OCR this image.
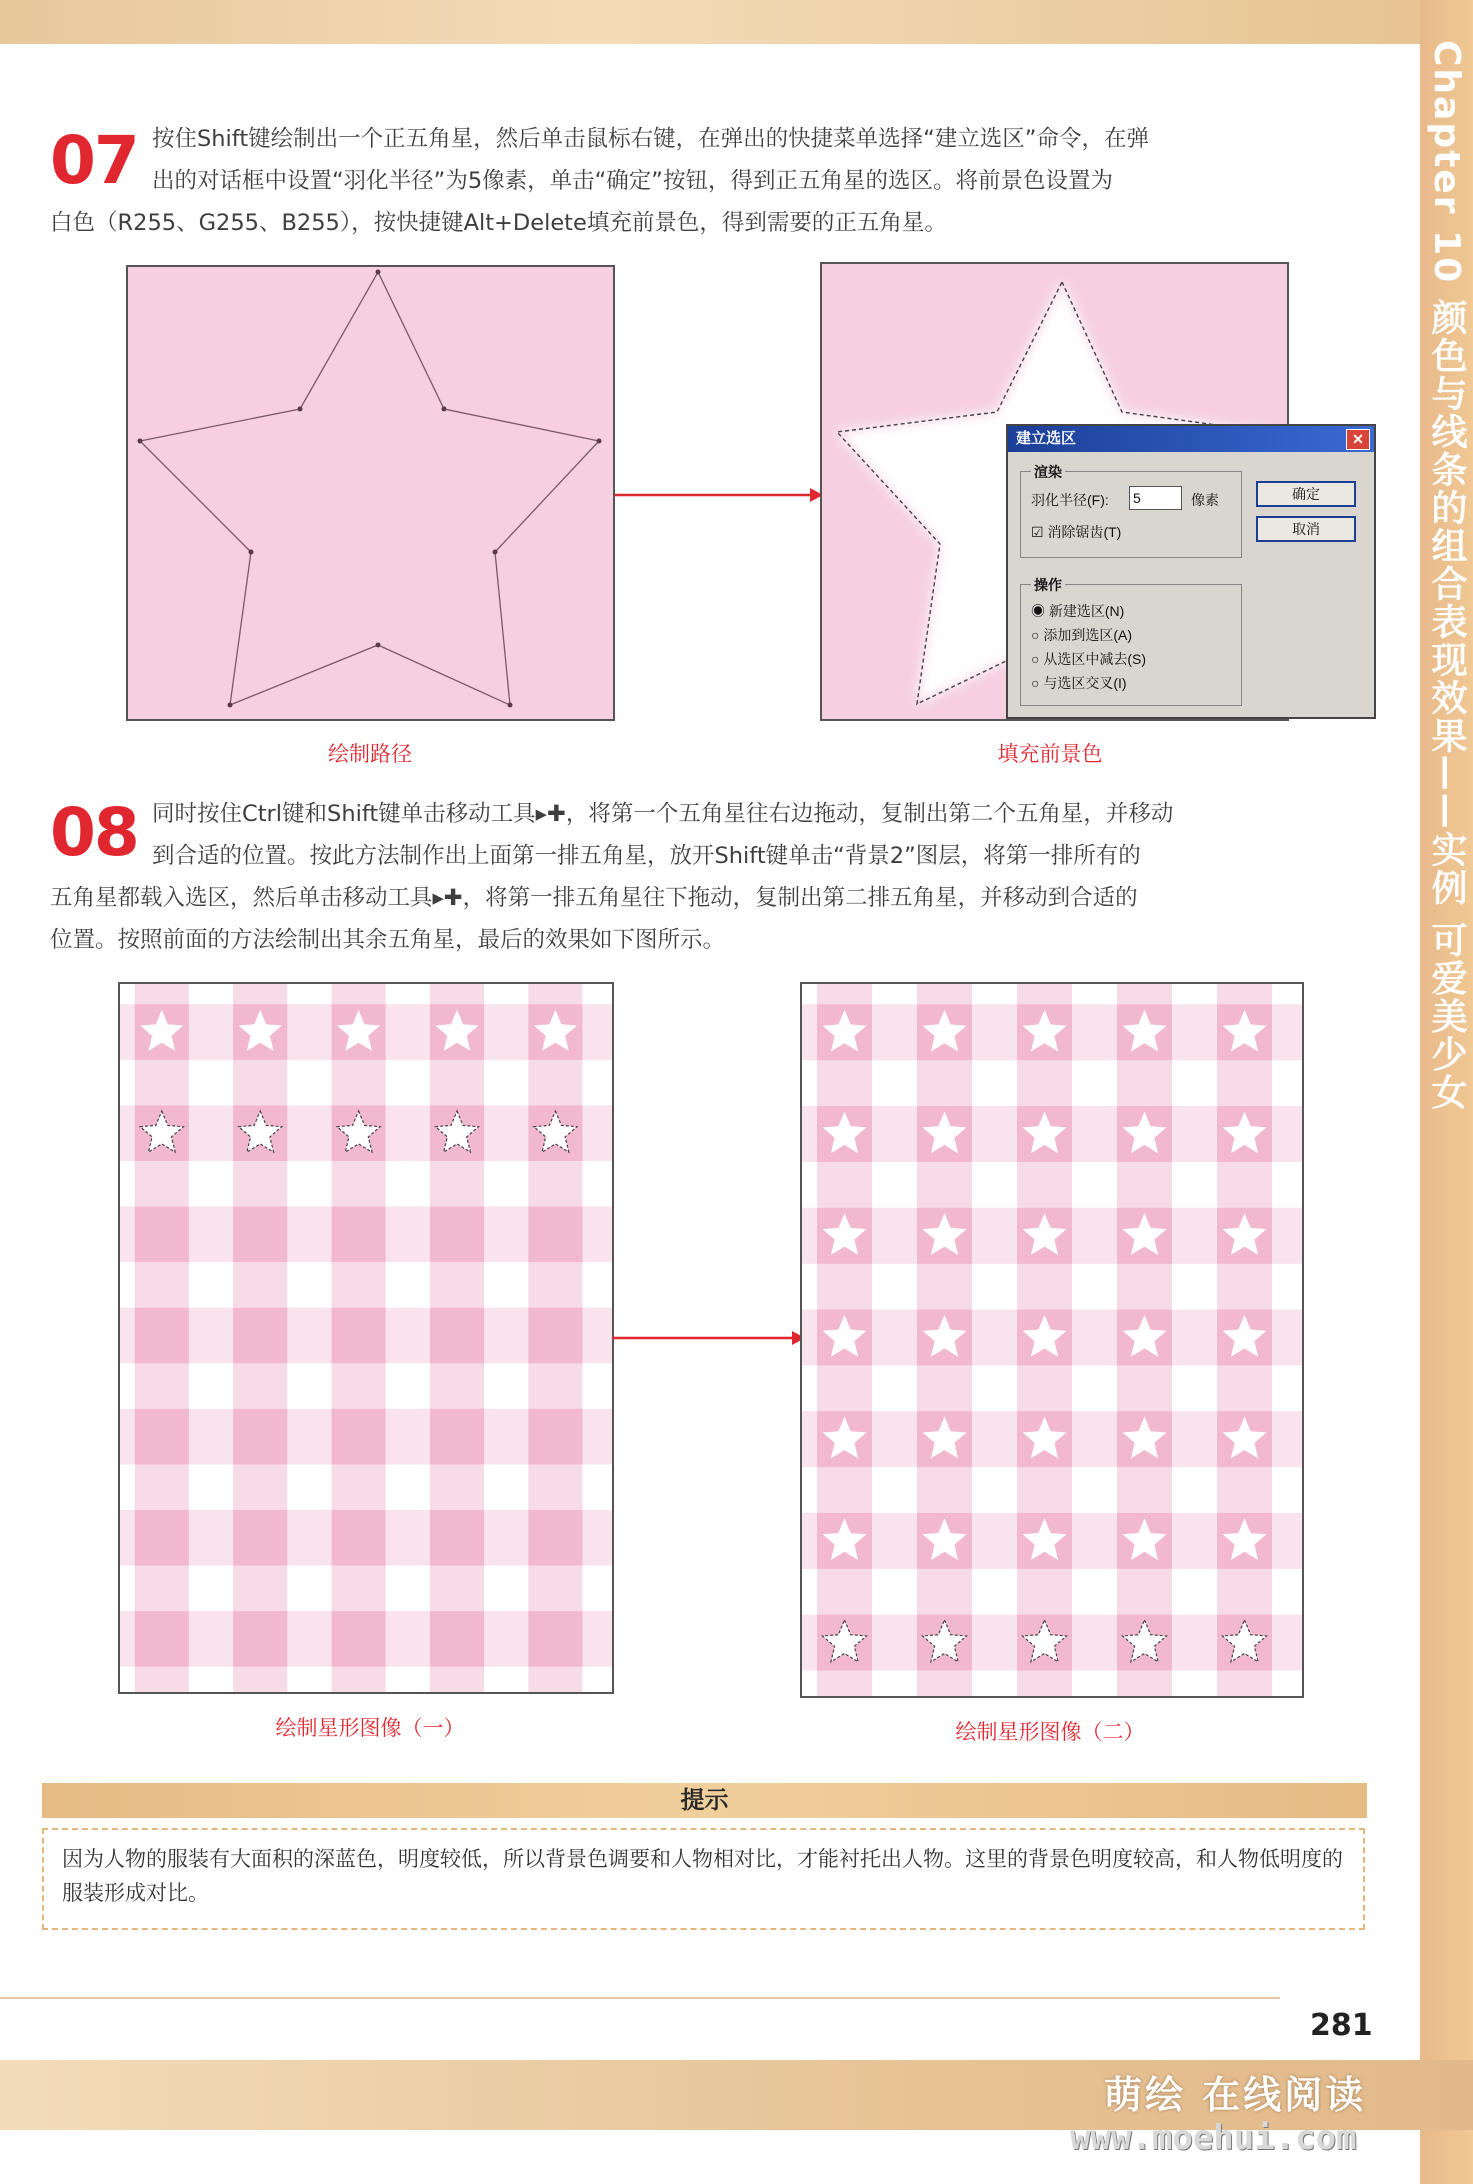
Chapter 10 颜色与线条的组合表现效果——实例 可爱美少女
07 按住Shift键绘制出一个正五角星，然后单击鼠标右键，在弹出的快捷菜单选择“建立选区”命令，在弹
出的对话框中设置“羽化半径”为5像素，单击“确定”按钮，得到正五角星的选区。将前景色设置为
白色（R255、G255、B255），按快捷键Alt+Delete填充前景色，得到需要的正五角星。
建立选区	✕
渲染
羽化半径(F): 5	像素
☑ 消除锯齿(T)
确定
取消
操作
◉ 新建选区(N)
○ 添加到选区(A)
○ 从选区中减去(S)
○ 与选区交叉(I)
绘制路径	填充前景色
08 同时按住Ctrl键和Shift键单击移动工具▸✚，将第一个五角星往右边拖动，复制出第二个五角星，并移动
到合适的位置。按此方法制作出上面第一排五角星，放开Shift键单击“背景2”图层，将第一排所有的
五角星都载入选区，然后单击移动工具▸✚，将第一排五角星往下拖动，复制出第二排五角星，并移动到合适的
位置。按照前面的方法绘制出其余五角星，最后的效果如下图所示。
绘制星形图像（一）	绘制星形图像（二）
提示
因为人物的服装有大面积的深蓝色，明度较低，所以背景色调要和人物相对比，才能衬托出人物。这里的背景色明度较高，和人物低明度的服装形成对比。
281
萌绘 在线阅读
www.moehui.com
